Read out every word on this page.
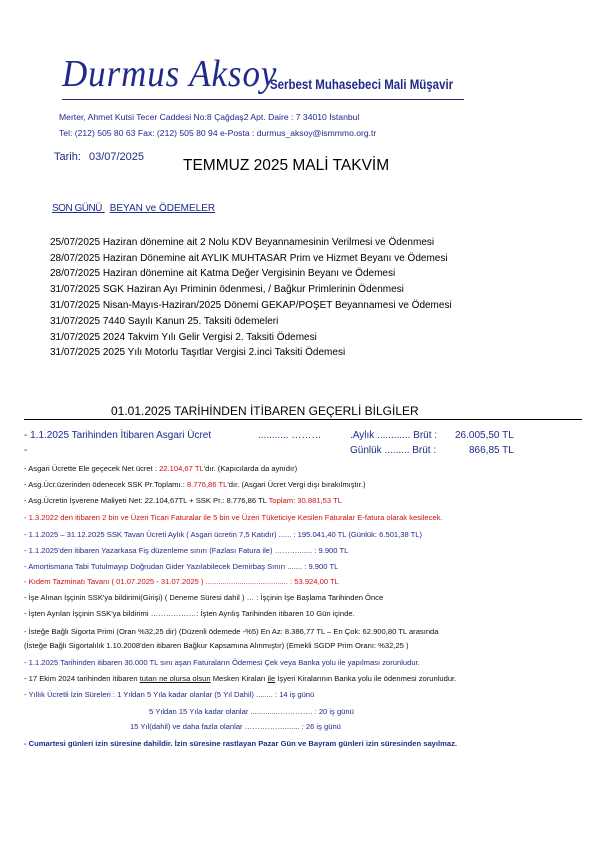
Durmus Aksoy
Serbest Muhasebeci Mali Müşavir
Merter, Ahmet Kutsi Tecer Caddesi No:8 Çağdaş2 Apt. Daire : 7 34010 İstanbul
Tel: (212) 505 80 63 Fax: (212) 505 80 94 e-Posta : durmus_aksoy@ismmmo.org.tr
Tarih: 03/07/2025	TEMMUZ 2025 MALİ TAKVİM
SON GÜNÜ BEYAN ve ÖDEMELER
25/07/2025 Haziran dönemine ait 2 Nolu KDV Beyannamesinin Verilmesi ve Ödenmesi
28/07/2025 Haziran Dönemine ait AYLIK MUHTASAR Prim ve Hizmet Beyanı ve Ödemesi
28/07/2025 Haziran dönemine ait Katma Değer Vergisinin Beyanı ve Ödemesi
31/07/2025 SGK Haziran Ayı Priminin ödenmesi, / Bağkur Primlerinin Ödenmesi
31/07/2025 Nisan-Mayıs-Haziran/2025 Dönemi GEKAP/POŞET Beyannamesi ve Ödemesi
31/07/2025 7440 Sayılı Kanun 25. Taksiti ödemeleri
31/07/2025 2024 Takvim Yılı Gelir Vergisi 2. Taksiti Ödemesi
31/07/2025 2025 Yılı Motorlu Taşıtlar Vergisi 2.inci Taksiti Ödemesi
01.01.2025 TARİHİNDEN İTİBAREN GEÇERLİ BİLGİLER
- 1.1.2025 Tarihinden İtibaren Asgari Ücret	........... ………	.Aylık ............ Brüt : 26.005,50 TL
-	Günlük ......... Brüt :	866,85 TL
- Asgari Ücrette Ele geçecek Net ücret : 22.104,67 TL'dır. (Kapıcılarda da aynıdır)
- Asg.Ücr.üzerinden ödenecek SSK Pr.Toplamı.: 8.776,86 TL'dır. (Asgari Ücret Vergi dışı bırakılmıştır.)
- Asg.Ücretin İşverene Maliyeti Net: 22.104,67TL + SSK Pr.: 8.776,86 TL Toplam: 30.881,53 TL
- 1.3.2022 den itibaren 2 bin ve Üzeri Ticari Faturalar ile 5 bin ve Üzeri Tüketiciye Kesilen Faturalar E-fatura olarak kesilecek.
- 1.1.2025 – 31.12.2025 SSK Tavan Ücreti Aylık ( Asgari ücretin 7,5 Katıdır) ...... : 195.041,40 TL (Günlük: 6.501,38 TL)
- 1.1.2025'den itibaren Yazarkasa Fiş düzenleme sınırı (Fazlası Fatura ile) ………....... : 9.900 TL
- Amortismana Tabi Tutulmayıp Doğrudan Gider Yazılabilecek Demirbaş Sınırı ....... : 9.900 TL
- Kıdem Tazminatı Tavanı ( 01.07.2025 - 31.07.2025 ) ....................................... : 53.924,00 TL
- İşe Alınan İşçinin SSK'ya bildirimi(Girişi) ( Deneme Süresi dahil ) … : İşçinin İşe Başlama Tarihinden Önce
- İşten Ayrılan İşçinin SSK'ya bildirimi ………………: İşten Ayrılış Tarihinden itibaren 10 Gün içinde.
- İsteğe Bağlı Sigorta Primi (Oran %32,25 dir) (Düzenli ödemede -%5) En Az: 8.386,77 TL – En Çok: 62.900,80 TL arasında
(İsteğe Bağlı Sigortalılık 1.10.2008'den itibaren Bağkur Kapsamına Alınmıştır) (Emekli SGDP Prim Oranı: %32,25 )
- 1.1.2025 Tarihinden itibaren 30.000 TL sını aşan Faturaların Ödemesi Çek veya Banka yolu ile yapılması zorunludur.
- 17 Ekim 2024 tarihinden itibaren tutarı ne olursa olsun Mesken Kiraları ile İşyeri Kiralarının Banka yolu ile ödenmesi zorunludur.
- Yıllık Ücretli İzin Süreleri : 1 Yıldan 5 Yıla kadar olanlar (5 Yıl Dahil) ........ : 14 iş günü
5 Yıldan 15 Yıla kadar olanlar ..............…………. : 20 iş günü
15 Yıl(dahil) ve daha fazla olanlar ……………........ : 26 iş günü
- Cumartesi günleri izin süresine dahildir. İzin süresine rastlayan Pazar Gün ve Bayram günleri izin süresinden sayılmaz.
